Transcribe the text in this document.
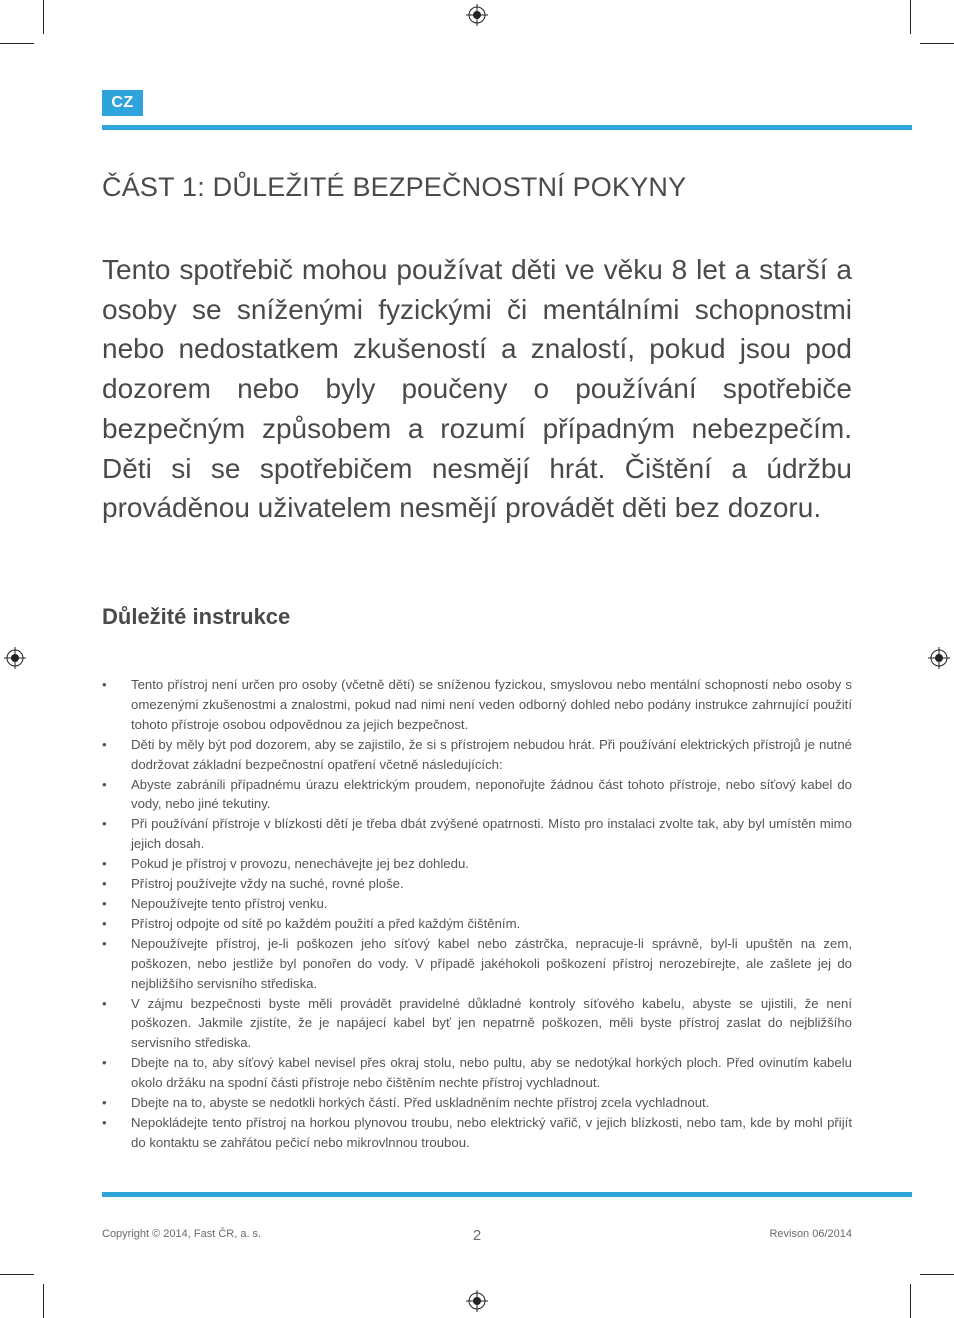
CZ
ČÁST 1: DŮLEŽITÉ BEZPEČNOSTNÍ POKYNY

Tento spotřebič mohou používat děti ve věku 8 let a starší a osoby se sníženými fyzickými či mentálními schopnostmi nebo nedostatkem zkušeností a znalostí, pokud jsou pod dozorem nebo byly poučeny o používání spotřebiče bezpečným způsobem a rozumí případným nebezpečím. Děti si se spotřebičem nesmějí hrát. Čištění a údržbu prováděnou uživatelem nesmějí provádět děti bez dozoru.

Důležité instrukce
• Tento přístroj není určen pro osoby (včetně dětí) se sníženou fyzickou, smyslovou nebo mentální schopností nebo osoby s omezenými zkušenostmi a znalostmi, pokud nad nimi není veden odborný dohled nebo podány instrukce zahrnující použití tohoto přístroje osobou odpovědnou za jejich bezpečnost.
• Děti by měly být pod dozorem, aby se zajistilo, že si s přístrojem nebudou hrát. Při používání elektrických přístrojů je nutné dodržovat základní bezpečnostní opatření včetně následujících:
• Abyste zabránili případnému úrazu elektrickým proudem, neponořujte žádnou část tohoto přístroje, nebo síťový kabel do vody, nebo jiné tekutiny.
• Při používání přístroje v blízkosti dětí je třeba dbát zvýšené opatrnosti. Místo pro instalaci zvolte tak, aby byl umístěn mimo jejich dosah.
• Pokud je přístroj v provozu, nenechávejte jej bez dohledu.
• Přístroj používejte vždy na suché, rovné ploše.
• Nepoužívejte tento přístroj venku.
• Přístroj odpojte od sítě po každém použití a před každým čištěním.
• Nepoužívejte přístroj, je-li poškozen jeho síťový kabel nebo zástrčka, nepracuje-li správně, byl-li upuštěn na zem, poškozen, nebo jestliže byl ponořen do vody. V případě jakéhokoli poškození přístroj nerozebírejte, ale zašlete jej do nejbližšího servisního střediska.
• V zájmu bezpečnosti byste měli provádět pravidelné důkladné kontroly síťového kabelu, abyste se ujistili, že není poškozen. Jakmile zjistíte, že je napájecí kabel byť jen nepatrně poškozen, měli byste přístroj zaslat do nejbližšího servisního střediska.
• Dbejte na to, aby síťový kabel nevisel přes okraj stolu, nebo pultu, aby se nedotýkal horkých ploch. Před ovinutím kabelu okolo držáku na spodní části přístroje nebo čištěním nechte přístroj vychladnout.
• Dbejte na to, abyste se nedotkli horkých částí. Před uskladněním nechte přístroj zcela vychladnout.
• Nepokládejte tento přístroj na horkou plynovou troubu, nebo elektrický vařič, v jejich blízkosti, nebo tam, kde by mohl přijít do kontaktu se zahřátou pečicí nebo mikrovlnnou troubou.
Copyright © 2014, Fast ČR, a. s.	2	Revison 06/2014
